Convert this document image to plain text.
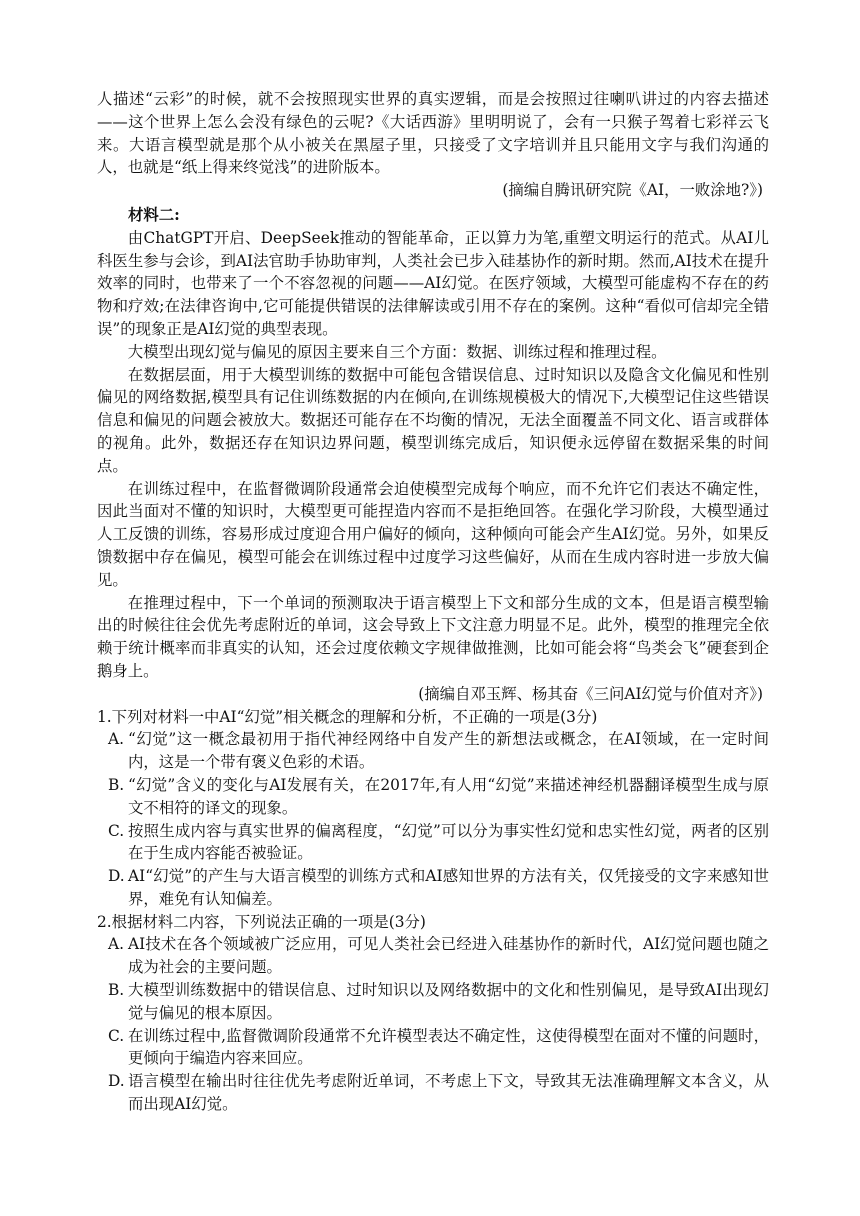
人描述“云彩”的时候，就不会按照现实世界的真实逻辑，而是会按照过往喇叭讲过的内容去描述——这个世界上怎么会没有绿色的云呢?《大话西游》里明明说了，会有一只猴子驾着七彩祥云飞来。大语言模型就是那个从小被关在黑屋子里，只接受了文字培训并且只能用文字与我们沟通的人，也就是“纸上得来终觉浅”的进阶版本。

(摘编自腾讯研究院《AI，一败涂地?》)

材料二:

由ChatGPT开启、DeepSeek推动的智能革命，正以算力为笔,重塑文明运行的范式。从AI儿科医生参与会诊，到AI法官助手协助审判，人类社会已步入硅基协作的新时期。然而,AI技术在提升效率的同时，也带来了一个不容忽视的问题——AI幻觉。在医疗领域，大模型可能虚构不存在的药物和疗效;在法律咨询中,它可能提供错误的法律解读或引用不存在的案例。这种“看似可信却完全错误”的现象正是AI幻觉的典型表现。

大模型出现幻觉与偏见的原因主要来自三个方面：数据、训练过程和推理过程。

在数据层面，用于大模型训练的数据中可能包含错误信息、过时知识以及隐含文化偏见和性别偏见的网络数据,模型具有记住训练数据的内在倾向,在训练规模极大的情况下,大模型记住这些错误信息和偏见的问题会被放大。数据还可能存在不均衡的情况，无法全面覆盖不同文化、语言或群体的视角。此外，数据还存在知识边界问题，模型训练完成后，知识便永远停留在数据采集的时间点。

在训练过程中，在监督微调阶段通常会迫使模型完成每个响应，而不允许它们表达不确定性，因此当面对不懂的知识时，大模型更可能捏造内容而不是拒绝回答。在强化学习阶段，大模型通过人工反馈的训练，容易形成过度迎合用户偏好的倾向，这种倾向可能会产生AI幻觉。另外，如果反馈数据中存在偏见，模型可能会在训练过程中过度学习这些偏好，从而在生成内容时进一步放大偏见。

在推理过程中，下一个单词的预测取决于语言模型上下文和部分生成的文本，但是语言模型输出的时候往往会优先考虑附近的单词，这会导致上下文注意力明显不足。此外，模型的推理完全依赖于统计概率而非真实的认知，还会过度依赖文字规律做推测，比如可能会将“鸟类会飞”硬套到企鹅身上。

(摘编自邓玉辉、杨其奋《三问AI幻觉与价值对齐》)

1.下列对材料一中AI“幻觉”相关概念的理解和分析，不正确的一项是(3分)

A. “幻觉”这一概念最初用于指代神经网络中自发产生的新想法或概念，在AI领域，在一定时间内，这是一个带有褒义色彩的术语。
B. “幻觉”含义的变化与AI发展有关，在2017年,有人用“幻觉”来描述神经机器翻译模型生成与原文不相符的译文的现象。
C. 按照生成内容与真实世界的偏离程度，“幻觉”可以分为事实性幻觉和忠实性幻觉，两者的区别在于生成内容能否被验证。
D. AI“幻觉”的产生与大语言模型的训练方式和AI感知世界的方法有关，仅凭接受的文字来感知世界，难免有认知偏差。

2.根据材料二内容，下列说法正确的一项是(3分)

A. AI技术在各个领域被广泛应用，可见人类社会已经进入硅基协作的新时代，AI幻觉问题也随之成为社会的主要问题。
B. 大模型训练数据中的错误信息、过时知识以及网络数据中的文化和性别偏见，是导致AI出现幻觉与偏见的根本原因。
C. 在训练过程中,监督微调阶段通常不允许模型表达不确定性，这使得模型在面对不懂的问题时，更倾向于编造内容来回应。
D. 语言模型在输出时往往优先考虑附近单词，不考虑上下文，导致其无法准确理解文本含义，从而出现AI幻觉。
